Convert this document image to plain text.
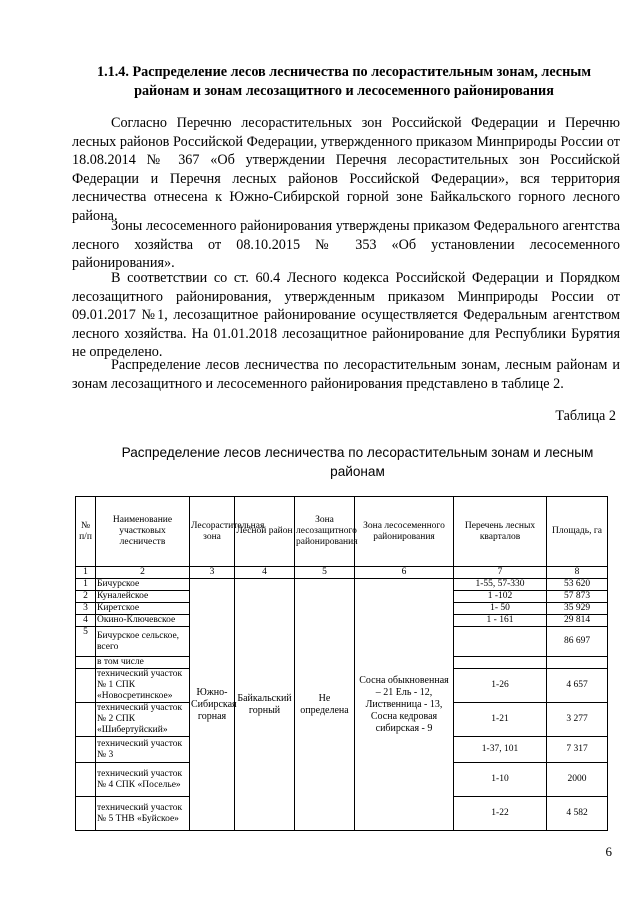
1.1.4. Распределение лесов лесничества по лесорастительным зонам, лесным районам и зонам лесозащитного и лесосеменного районирования

Согласно Перечню лесорастительных зон Российской Федерации и Перечню лесных районов Российской Федерации, утвержденного приказом Минприроды России от 18.08.2014 № 367 «Об утверждении Перечня лесорастительных зон Российской Федерации и Перечня лесных районов Российской Федерации», вся территория лесничества отнесена к Южно-Сибирской горной зоне Байкальского горного лесного района.

Зоны лесосеменного районирования утверждены приказом Федерального агентства лесного хозяйства от 08.10.2015 № 353 «Об установлении лесосеменного районирования».

В соответствии со ст. 60.4 Лесного кодекса Российской Федерации и Порядком лесозащитного районирования, утвержденным приказом Минприроды России от 09.01.2017 №1, лесозащитное районирование осуществляется Федеральным агентством лесного хозяйства. На 01.01.2018 лесозащитное районирование для Республики Бурятия не определено.

Распределение лесов лесничества по лесорастительным зонам, лесным районам и зонам лесозащитного и лесосеменного районирования представлено в таблице 2.

Таблица 2

Распределение лесов лесничества по лесорастительным зонам и лесным районам

№ п/п	Наименование участковых лесничеств	Лесорастительная зона	Лесной район	Зона лесозащитного районирования	Зона лесосеменного районирования	Перечень лесных кварталов	Площадь, га
1	2	3	4	5	6	7	8
1	Бичурское	Южно-Сибирская горная	Байкальский горный	Не определена	Сосна обыкновенная – 21 Ель - 12, Лиственница - 13, Сосна кедровая сибирская - 9	1-55, 57-330	53 620
2	Куналейское					1 -102	57 873
3	Киретское					1- 50	35 929
4	Окино-Ключевское					1 - 161	29 814
5	Бичурское сельское, всего						86 697
	в том числе						
	технический участок № 1 СПК «Новосретинское»					1-26	4 657
	технический участок № 2 СПК «Шибертуйский»					1-21	3 277
	технический участок № 3					1-37, 101	7 317
	технический участок № 4 СПК «Поселье»					1-10	2000
	технический участок № 5 ТНВ «Буйское»					1-22	4 582

6
